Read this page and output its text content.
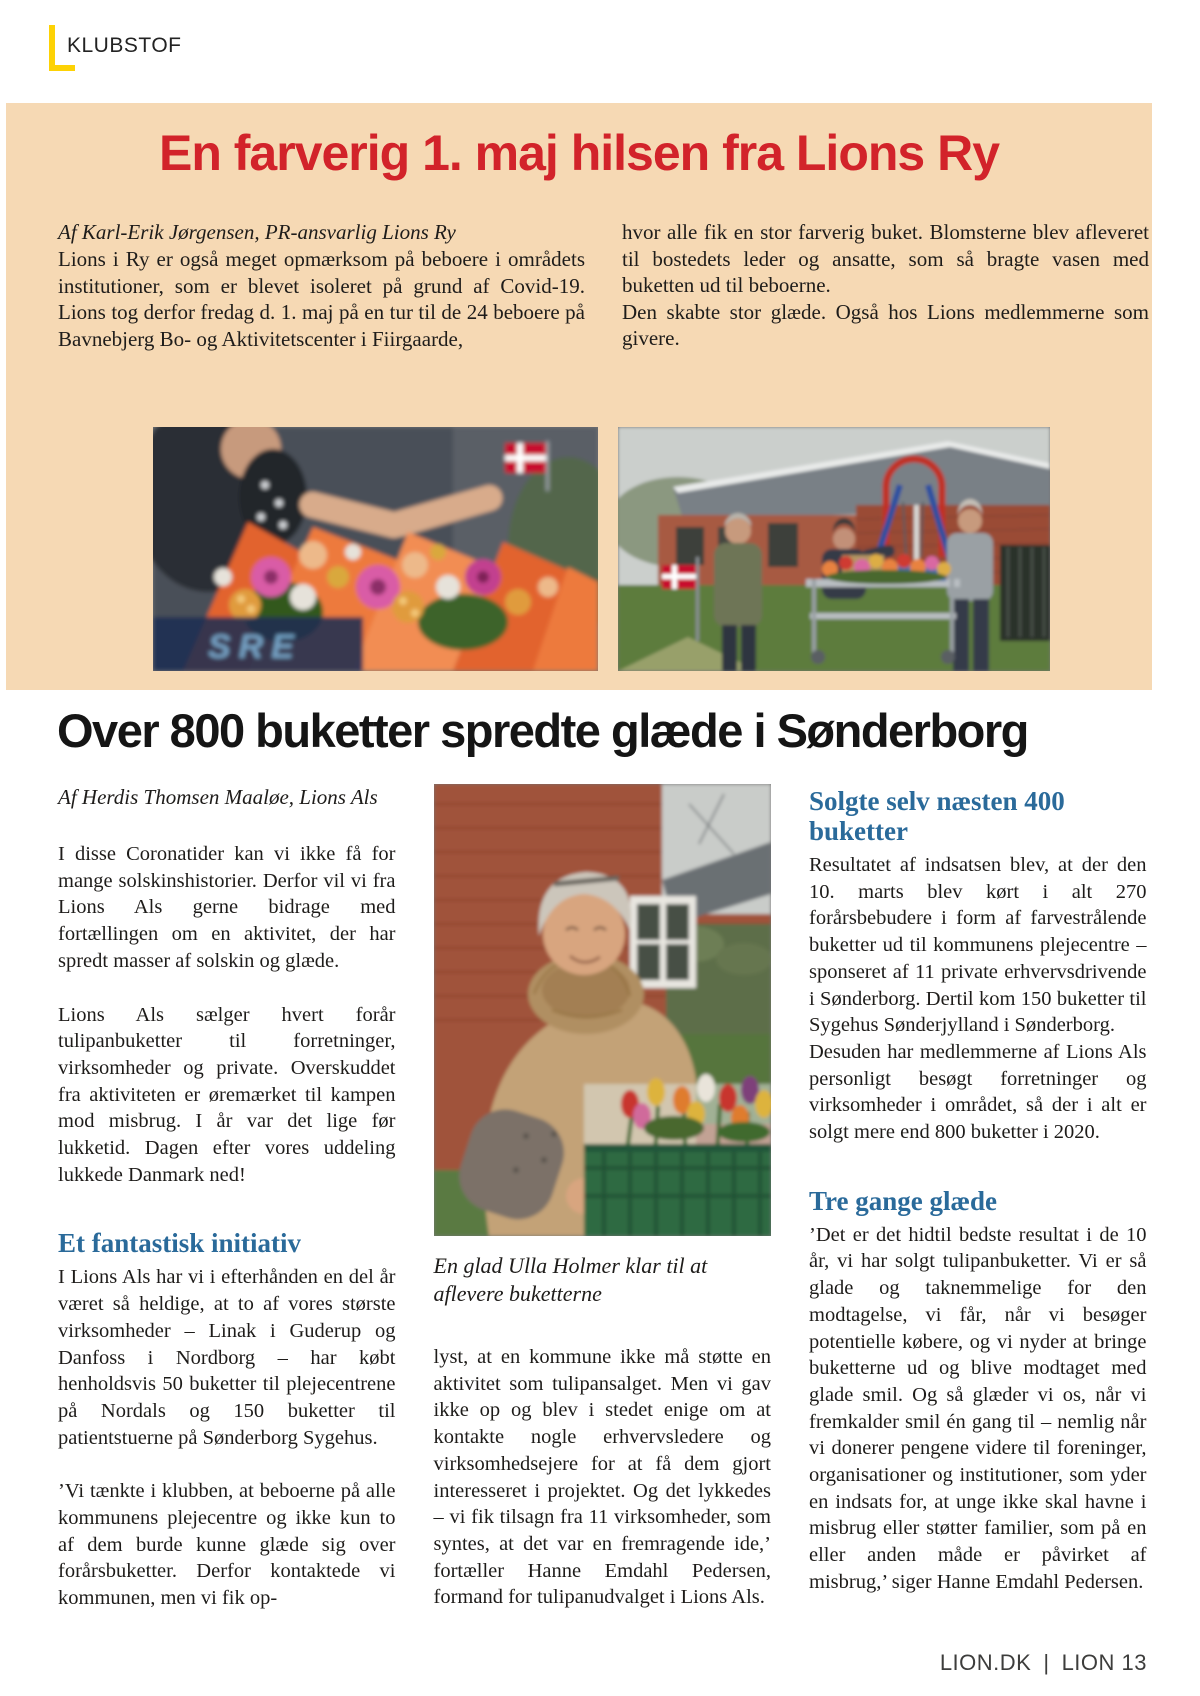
KLUBSTOF
En farverig 1. maj hilsen fra Lions Ry

Af Karl-Erik Jørgensen, PR-ansvarlig Lions Ry

Lions i Ry er også meget opmærksom på beboere i områdets institutioner, som er blevet isoleret på grund af Covid-19. Lions tog derfor fredag d. 1. maj på en tur til de 24 beboere på Bavnebjerg Bo- og Aktivitetscenter i Fiirgaarde,

hvor alle fik en stor farverig buket. Blomsterne blev afleveret til bostedets leder og ansatte, som så bragte vasen med buketten ud til beboerne.

Den skabte stor glæde. Også hos Lions medlemmerne som givere.

SRE
Over 800 buketter spredte glæde i Sønderborg

Af Herdis Thomsen Maaløe, Lions Als

I disse Coronatider kan vi ikke få for mange solskinshistorier. Derfor vil vi fra Lions Als gerne bidrage med fortællingen om en aktivitet, der har spredt masser af solskin og glæde.

Lions Als sælger hvert forår tulipanbuketter til forretninger, virksomheder og private. Overskuddet fra aktiviteten er øremærket til kampen mod misbrug. I år var det lige før lukketid. Dagen efter vores uddeling lukkede Danmark ned!

Et fantastisk initiativ

I Lions Als har vi i efterhånden en del år været så heldige, at to af vores største virksomheder – Linak i Guderup og Danfoss i Nordborg – har købt henholdsvis 50 buketter til plejecentrene på Nordals og 150 buketter til patientstuerne på Sønderborg Sygehus.

’Vi tænkte i klubben, at beboerne på alle kommunens plejecentre og ikke kun to af dem burde kunne glæde sig over forårsbuketter. Derfor kontaktede vi kommunen, men vi fik op-

En glad Ulla Holmer klar til at aflevere buketterne

lyst, at en kommune ikke må støtte en aktivitet som tulipansalget. Men vi gav ikke op og blev i stedet enige om at kontakte nogle erhvervsledere og virksomhedsejere for at få dem gjort interesseret i projektet. Og det lykkedes – vi fik tilsagn fra 11 virksomheder, som syntes, at det var en fremragende ide,’ fortæller Hanne Emdahl Pedersen, formand for tulipanudvalget i Lions Als.

Solgte selv næsten 400 buketter

Resultatet af indsatsen blev, at der den 10. marts blev kørt i alt 270 forårsbebudere i form af farvestrålende buketter ud til kommunens plejecentre – sponseret af 11 private erhvervsdrivende i Sønderborg. Dertil kom 150 buketter til Sygehus Sønderjylland i Sønderborg.

Desuden har medlemmerne af Lions Als personligt besøgt forretninger og virksomheder i området, så der i alt er solgt mere end 800 buketter i 2020.

Tre gange glæde

’Det er det hidtil bedste resultat i de 10 år, vi har solgt tulipanbuketter. Vi er så glade og taknemmelige for den modtagelse, vi får, når vi besøger potentielle købere, og vi nyder at bringe buketterne ud og blive modtaget med glade smil. Og så glæder vi os, når vi fremkalder smil én gang til – nemlig når vi donerer pengene videre til foreninger, organisationer og institutioner, som yder en indsats for, at unge ikke skal havne i misbrug eller støtter familier, som på en eller anden måde er påvirket af misbrug,’ siger Hanne Emdahl Pedersen.

LION.DK | LION 13
